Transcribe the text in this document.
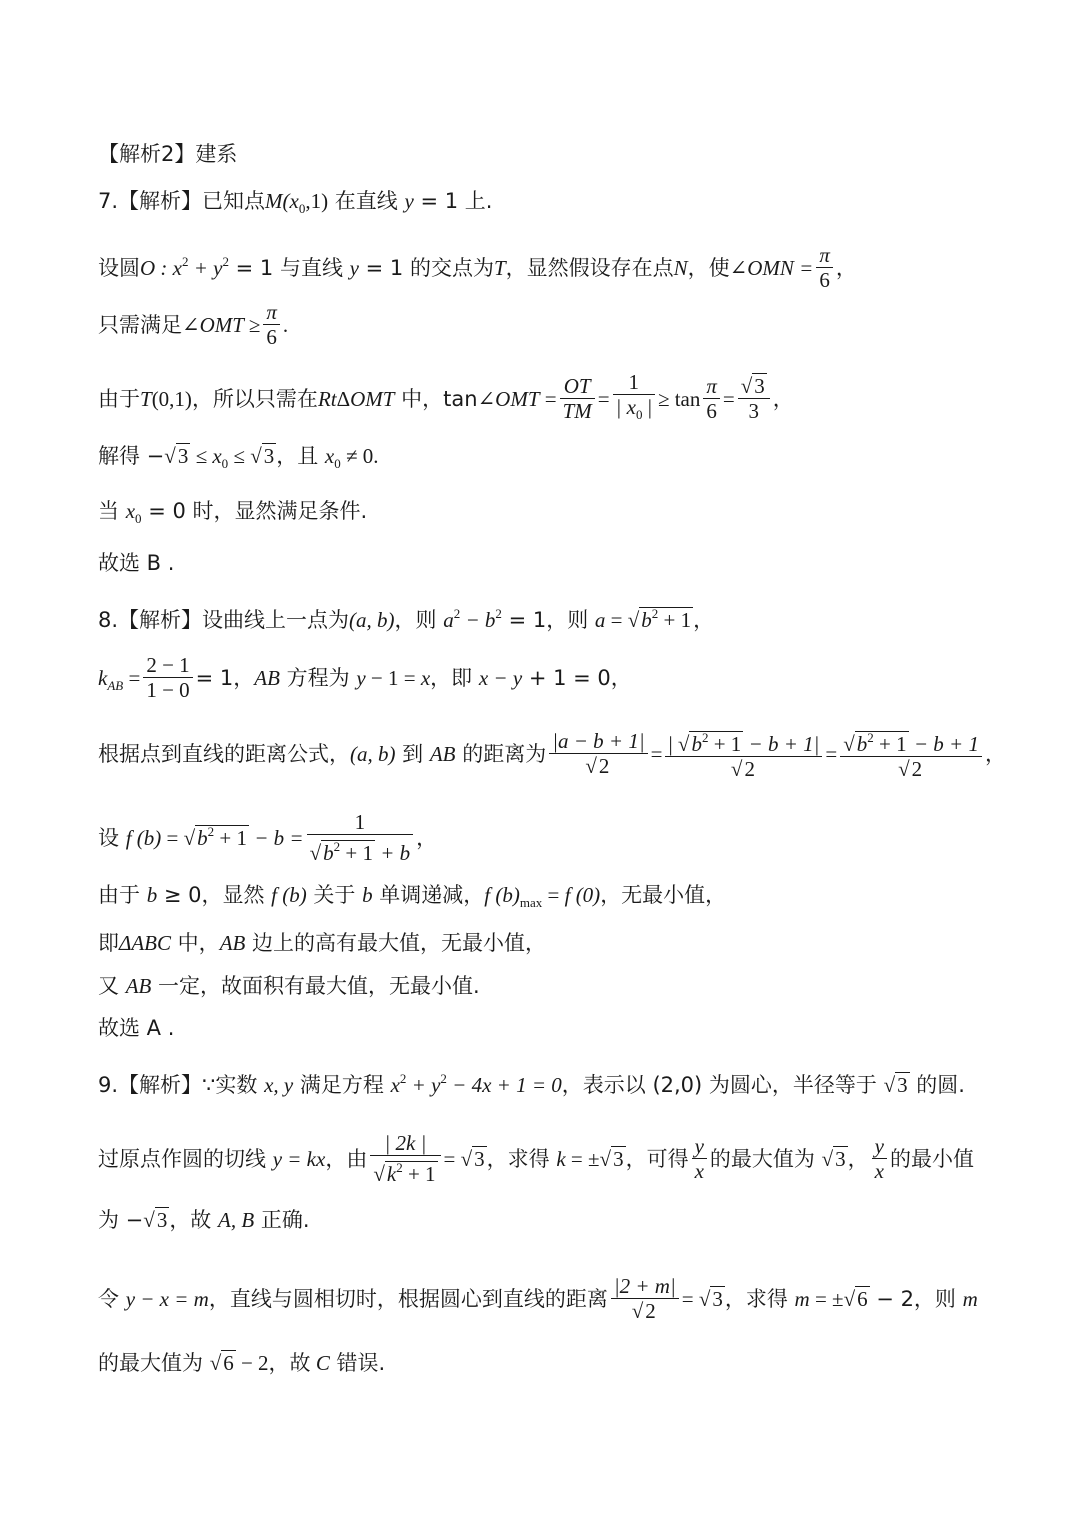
【解析2】建系
7.【解析】已知点$M(x_0,1)$ 在直线 y = 1 上.
设圆O : $x^2 + y^2 = 1$ 与直线 y = 1 的交点为T，显然假设存在点N，使∠OMN = $\frac{\pi}{6}$ ，
只需满足∠OMT ≥ $\frac{\pi}{6}$ .
由于T(0,1)，所以只需在RtΔOMT 中，tan∠OMT = $\frac{OT}{TM} = \frac{1}{| x_0 |} \ge \tan \frac{\pi}{6} = \frac{√3}{3}$ ，
解得 $-√3 \le x_0 \le √3$，且 $x_0 \ne 0$.
当 $x_0 = 0$ 时，显然满足条件.
故选 B .
8.【解析】设曲线上一点为(a, b)，则 $a^2 - b^2 = 1$，则 $a = √b^2 + 1$，
$k_{AB} = \frac{2 - 1}{1 - 0} = 1$，AB 方程为 y − 1 = x，即 x − y + 1 = 0，
根据点到直线的距离公式，(a, b) 到 AB 的距离为 $\frac{|a - b + 1|}{√2} = \frac{| √b^2 + 1 - b + 1|}{√2} = \frac{√b^2 + 1 - b + 1}{√2}$ ，
设 f $(b) = √b^2 + 1 - b = \frac{1}{√b^2 + 1 + b}$ ，
由于 b ≥ 0，显然 f (b) 关于 b 单调递减，f $(b)_{max} = f$ (0)，无最小值，
即ΔABC 中，AB 边上的高有最大值，无最小值，
又 AB 一定，故面积有最大值，无最小值.
故选 A .
9.【解析】∵实数 x, y 满足方程 $x^2 + y^2 - 4x + 1 = 0$，表示以 (2,0) 为圆心，半径等于 √3 的圆.
过原点作圆的切线 y = kx，由 $\frac{| 2k |}{√k^2 + 1} = √3$，求得 k = ±√3，可得 $\frac{y}{x}$ 的最大值为 √3， $\frac{y}{x}$ 的最小值
为 −√3，故 A, B 正确.
令 y − x = m，直线与圆相切时，根据圆心到直线的距离 $\frac{|2 + m|}{√2} = √3$，求得 m = ±√6 − 2，则 m
的最大值为 √6 − 2，故 C 错误.
